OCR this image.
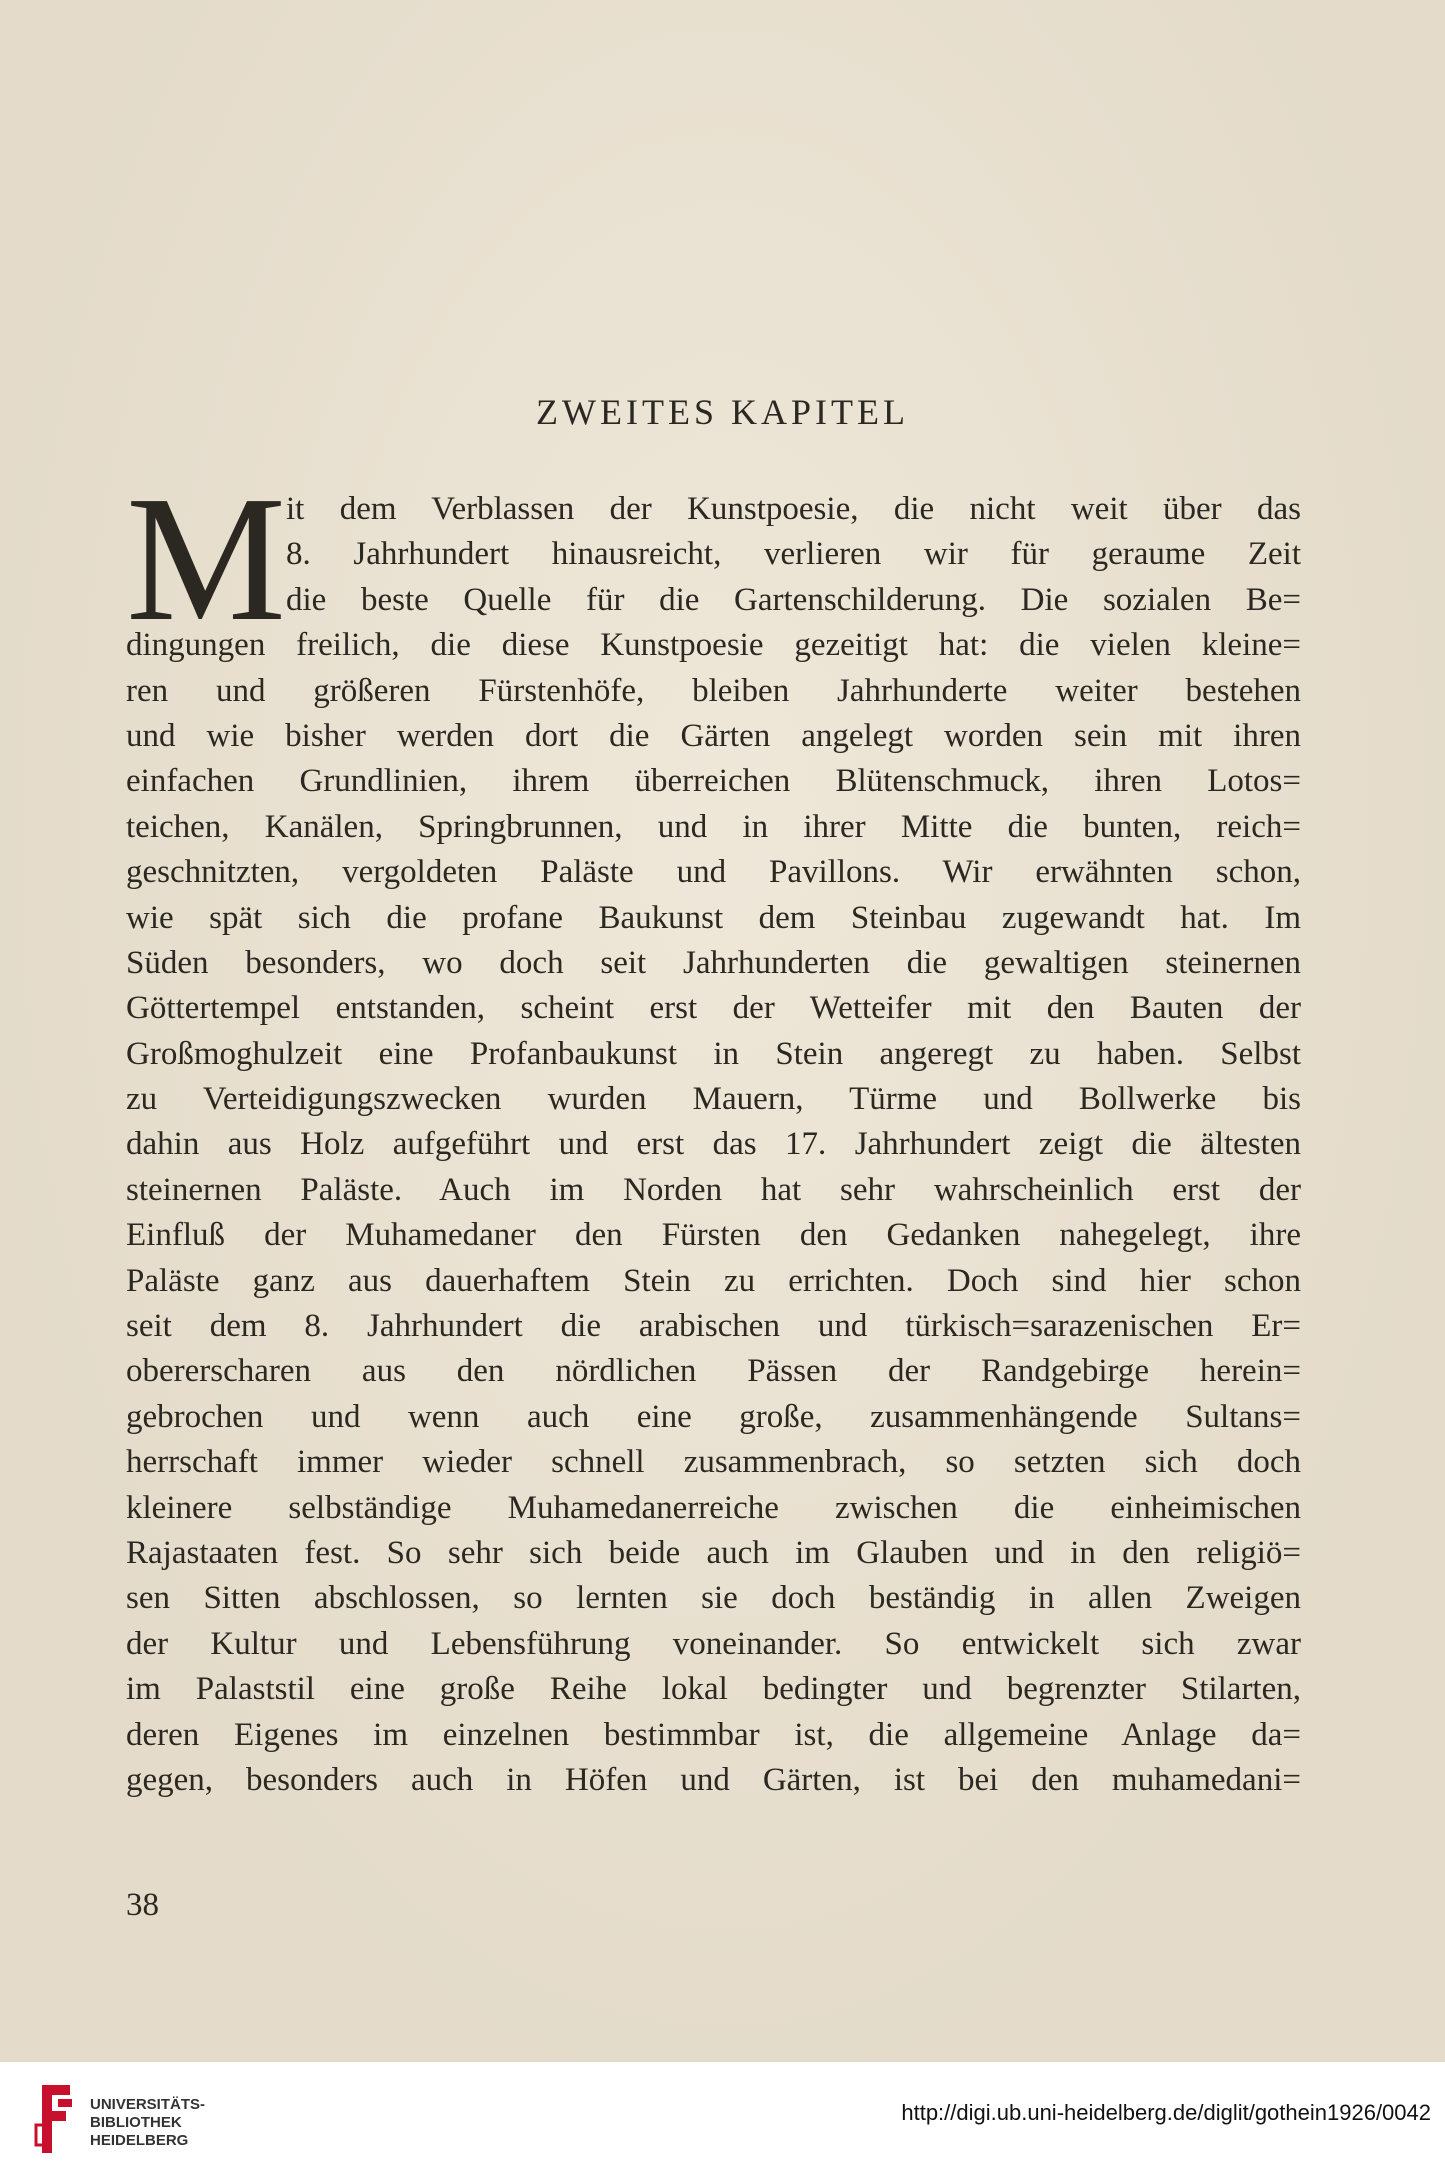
ZWEITES KAPITEL
M it dem Verblassen der Kunstpoesie, die nicht weit über das
8. Jahrhundert hinausreicht, verlieren wir für geraume Zeit
die beste Quelle für die Gartenschilderung. Die sozialen Be=
dingungen freilich, die diese Kunstpoesie gezeitigt hat: die vielen kleine=
ren und größeren Fürstenhöfe, bleiben Jahrhunderte weiter bestehen
und wie bisher werden dort die Gärten angelegt worden sein mit ihren
einfachen Grundlinien, ihrem überreichen Blütenschmuck, ihren Lotos=
teichen, Kanälen, Springbrunnen, und in ihrer Mitte die bunten, reich=
geschnitzten, vergoldeten Paläste und Pavillons. Wir erwähnten schon,
wie spät sich die profane Baukunst dem Steinbau zugewandt hat. Im
Süden besonders, wo doch seit Jahrhunderten die gewaltigen steinernen
Göttertempel entstanden, scheint erst der Wetteifer mit den Bauten der
Großmoghulzeit eine Profanbaukunst in Stein angeregt zu haben. Selbst
zu Verteidigungszwecken wurden Mauern, Türme und Bollwerke bis
dahin aus Holz aufgeführt und erst das 17. Jahrhundert zeigt die ältesten
steinernen Paläste. Auch im Norden hat sehr wahrscheinlich erst der
Einfluß der Muhamedaner den Fürsten den Gedanken nahegelegt, ihre
Paläste ganz aus dauerhaftem Stein zu errichten. Doch sind hier schon
seit dem 8. Jahrhundert die arabischen und türkisch=sarazenischen Er=
obererscharen aus den nördlichen Pässen der Randgebirge herein=
gebrochen und wenn auch eine große, zusammenhängende Sultans=
herrschaft immer wieder schnell zusammenbrach, so setzten sich doch
kleinere selbständige Muhamedanerreiche zwischen die einheimischen
Rajastaaten fest. So sehr sich beide auch im Glauben und in den religiö=
sen Sitten abschlossen, so lernten sie doch beständig in allen Zweigen
der Kultur und Lebensführung voneinander. So entwickelt sich zwar
im Palaststil eine große Reihe lokal bedingter und begrenzter Stilarten,
deren Eigenes im einzelnen bestimmbar ist, die allgemeine Anlage da=
gegen, besonders auch in Höfen und Gärten, ist bei den muhamedani=
38
UNIVERSITÄTS-
BIBLIOTHEK
HEIDELBERG
http://digi.ub.uni-heidelberg.de/diglit/gothein1926/0042
